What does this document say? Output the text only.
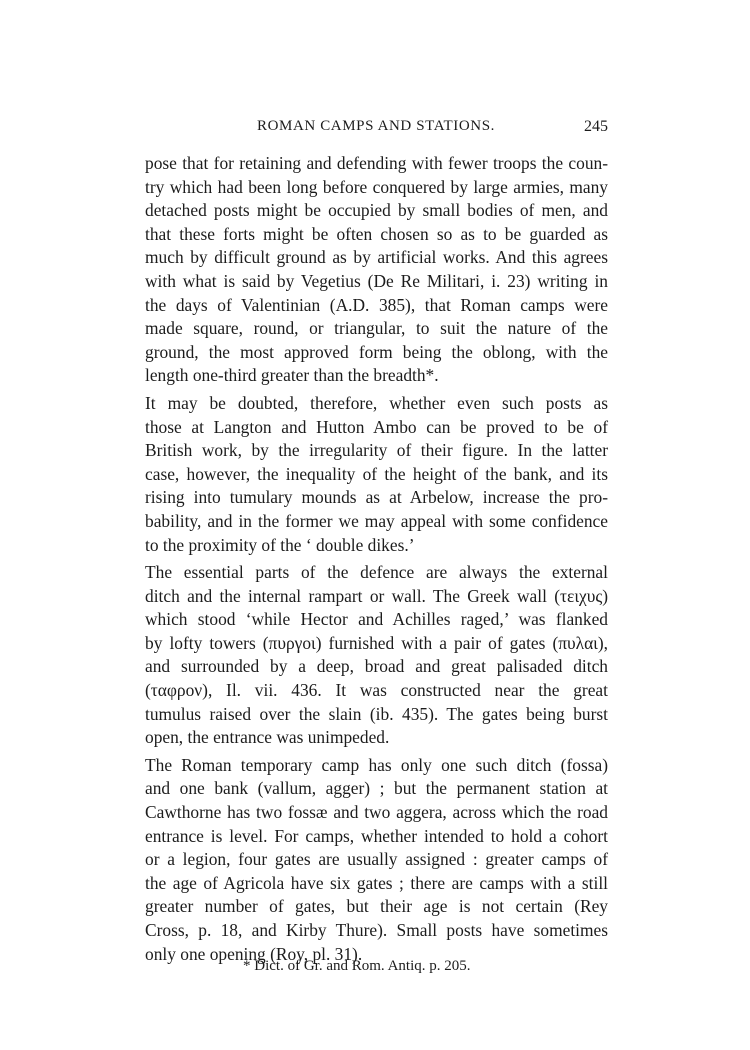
ROMAN CAMPS AND STATIONS.	245
pose that for retaining and defending with fewer troops the coun-
try which had been long before conquered by large armies, many
detached posts might be occupied by small bodies of men, and
that these forts might be often chosen so as to be guarded as
much by difficult ground as by artificial works. And this agrees
with what is said by Vegetius (De Re Militari, i. 23) writing in
the days of Valentinian (A.D. 385), that Roman camps were
made square, round, or triangular, to suit the nature of the
ground, the most approved form being the oblong, with the
length one-third greater than the breadth*.
It may be doubted, therefore, whether even such posts as
those at Langton and Hutton Ambo can be proved to be of
British work, by the irregularity of their figure. In the latter
case, however, the inequality of the height of the bank, and its
rising into tumulary mounds as at Arbelow, increase the pro-
bability, and in the former we may appeal with some confidence
to the proximity of the ‘ double dikes.’
The essential parts of the defence are always the external
ditch and the internal rampart or wall. The Greek wall (τειχυς)
which stood ‘while Hector and Achilles raged,’ was flanked
by lofty towers (πυργοι) furnished with a pair of gates (πυλαι),
and surrounded by a deep, broad and great palisaded ditch
(ταφρον), Il. vii. 436. It was constructed near the great
tumulus raised over the slain (ib. 435). The gates being burst
open, the entrance was unimpeded.
The Roman temporary camp has only one such ditch (fossa)
and one bank (vallum, agger) ; but the permanent station at
Cawthorne has two fossæ and two aggera, across which the road
entrance is level. For camps, whether intended to hold a cohort
or a legion, four gates are usually assigned : greater camps of
the age of Agricola have six gates ; there are camps with a still
greater number of gates, but their age is not certain (Rey
Cross, p. 18, and Kirby Thure). Small posts have sometimes
only one opening (Roy, pl. 31).
* Dict. of Gr. and Rom. Antiq. p. 205.
